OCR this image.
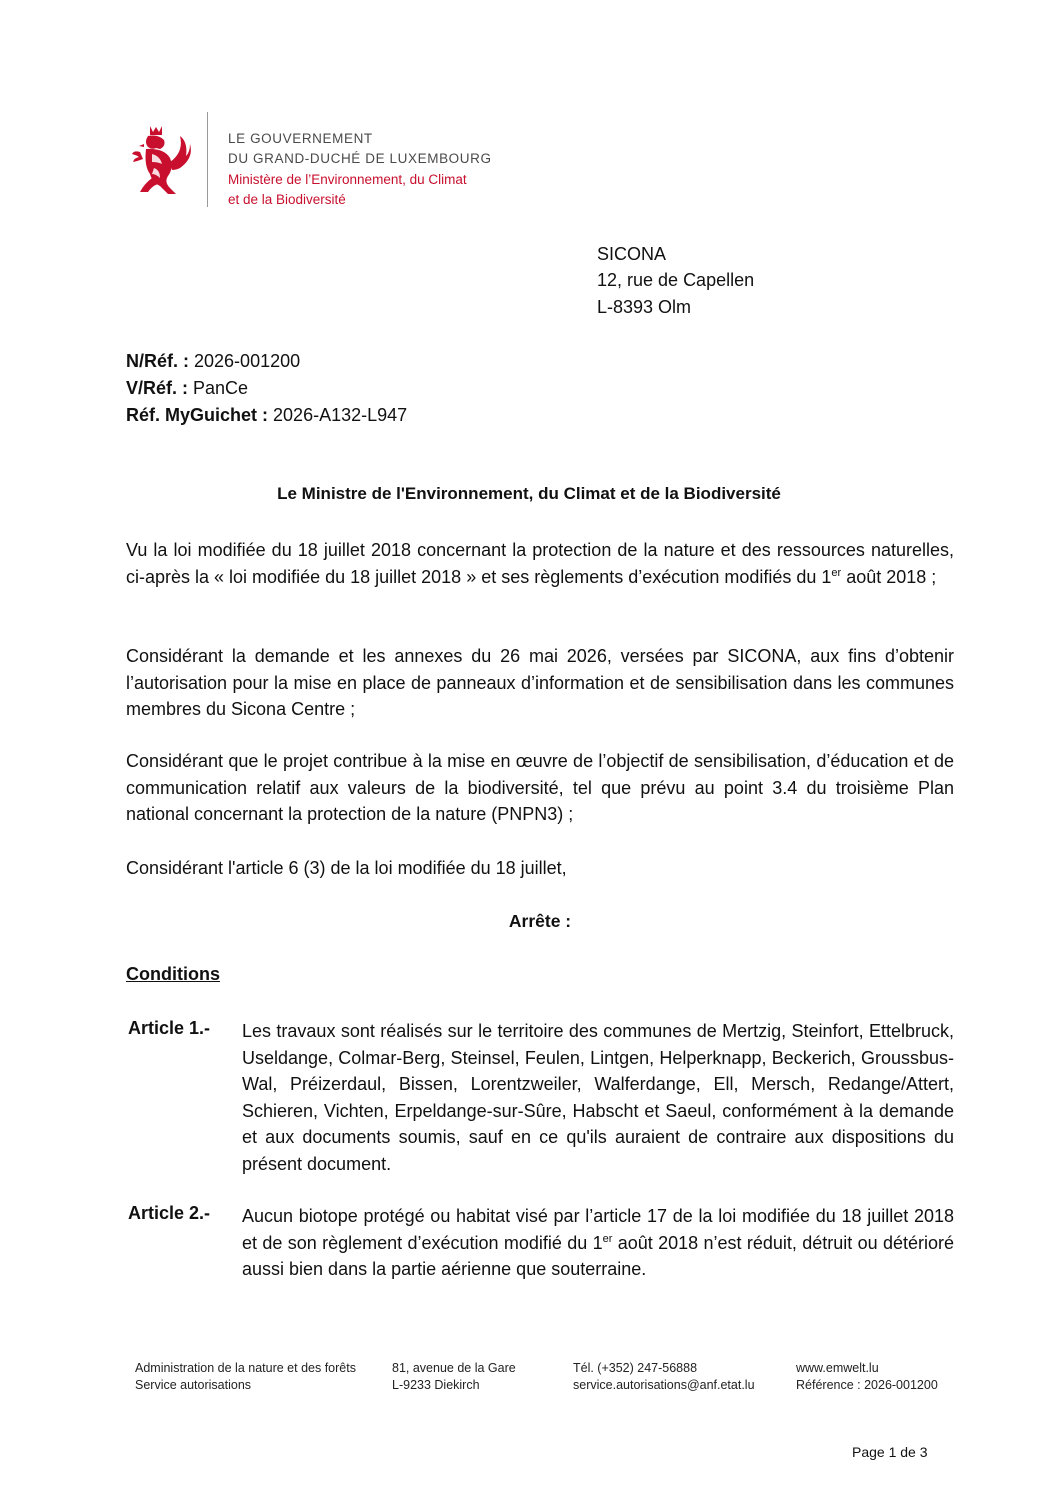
LE GOUVERNEMENT
DU GRAND-DUCHÉ DE LUXEMBOURG
Ministère de l’Environnement, du Climat
et de la Biodiversité
SICONA
12, rue de Capellen
L-8393 Olm
N/Réf. : 2026-001200
V/Réf. : PanCe
Réf. MyGuichet : 2026-A132-L947
Le Ministre de l'Environnement, du Climat et de la Biodiversité
Vu la loi modifiée du 18 juillet 2018 concernant la protection de la nature et des ressources naturelles, ci-après la « loi modifiée du 18 juillet 2018 » et ses règlements d’exécution modifiés du 1er août 2018 ;
Considérant la demande et les annexes du 26 mai 2026, versées par SICONA, aux fins d’obtenir l’autorisation pour la mise en place de panneaux d’information et de sensibilisation dans les communes membres du Sicona Centre ;
Considérant que le projet contribue à la mise en œuvre de l’objectif de sensibilisation, d’éducation et de communication relatif aux valeurs de la biodiversité, tel que prévu au point 3.4 du troisième Plan national concernant la protection de la nature (PNPN3) ;
Considérant l'article 6 (3) de la loi modifiée du 18 juillet,
Arrête :
Conditions
Article 1.- Les travaux sont réalisés sur le territoire des communes de Mertzig, Steinfort, Ettelbruck, Useldange, Colmar-Berg, Steinsel, Feulen, Lintgen, Helperknapp, Beckerich, Groussbus-Wal, Préizerdaul, Bissen, Lorentzweiler, Walferdange, Ell, Mersch, Redange/Attert, Schieren, Vichten, Erpeldange-sur-Sûre, Habscht et Saeul, conformément à la demande et aux documents soumis, sauf en ce qu'ils auraient de contraire aux dispositions du présent document.
Article 2.- Aucun biotope protégé ou habitat visé par l’article 17 de la loi modifiée du 18 juillet 2018 et de son règlement d’exécution modifié du 1er août 2018 n’est réduit, détruit ou détérioré aussi bien dans la partie aérienne que souterraine.
Administration de la nature et des forêts
Service autorisations
81, avenue de la Gare
L-9233 Diekirch
Tél. (+352) 247-56888
service.autorisations@anf.etat.lu
www.emwelt.lu
Référence : 2026-001200
Page 1 de 3
